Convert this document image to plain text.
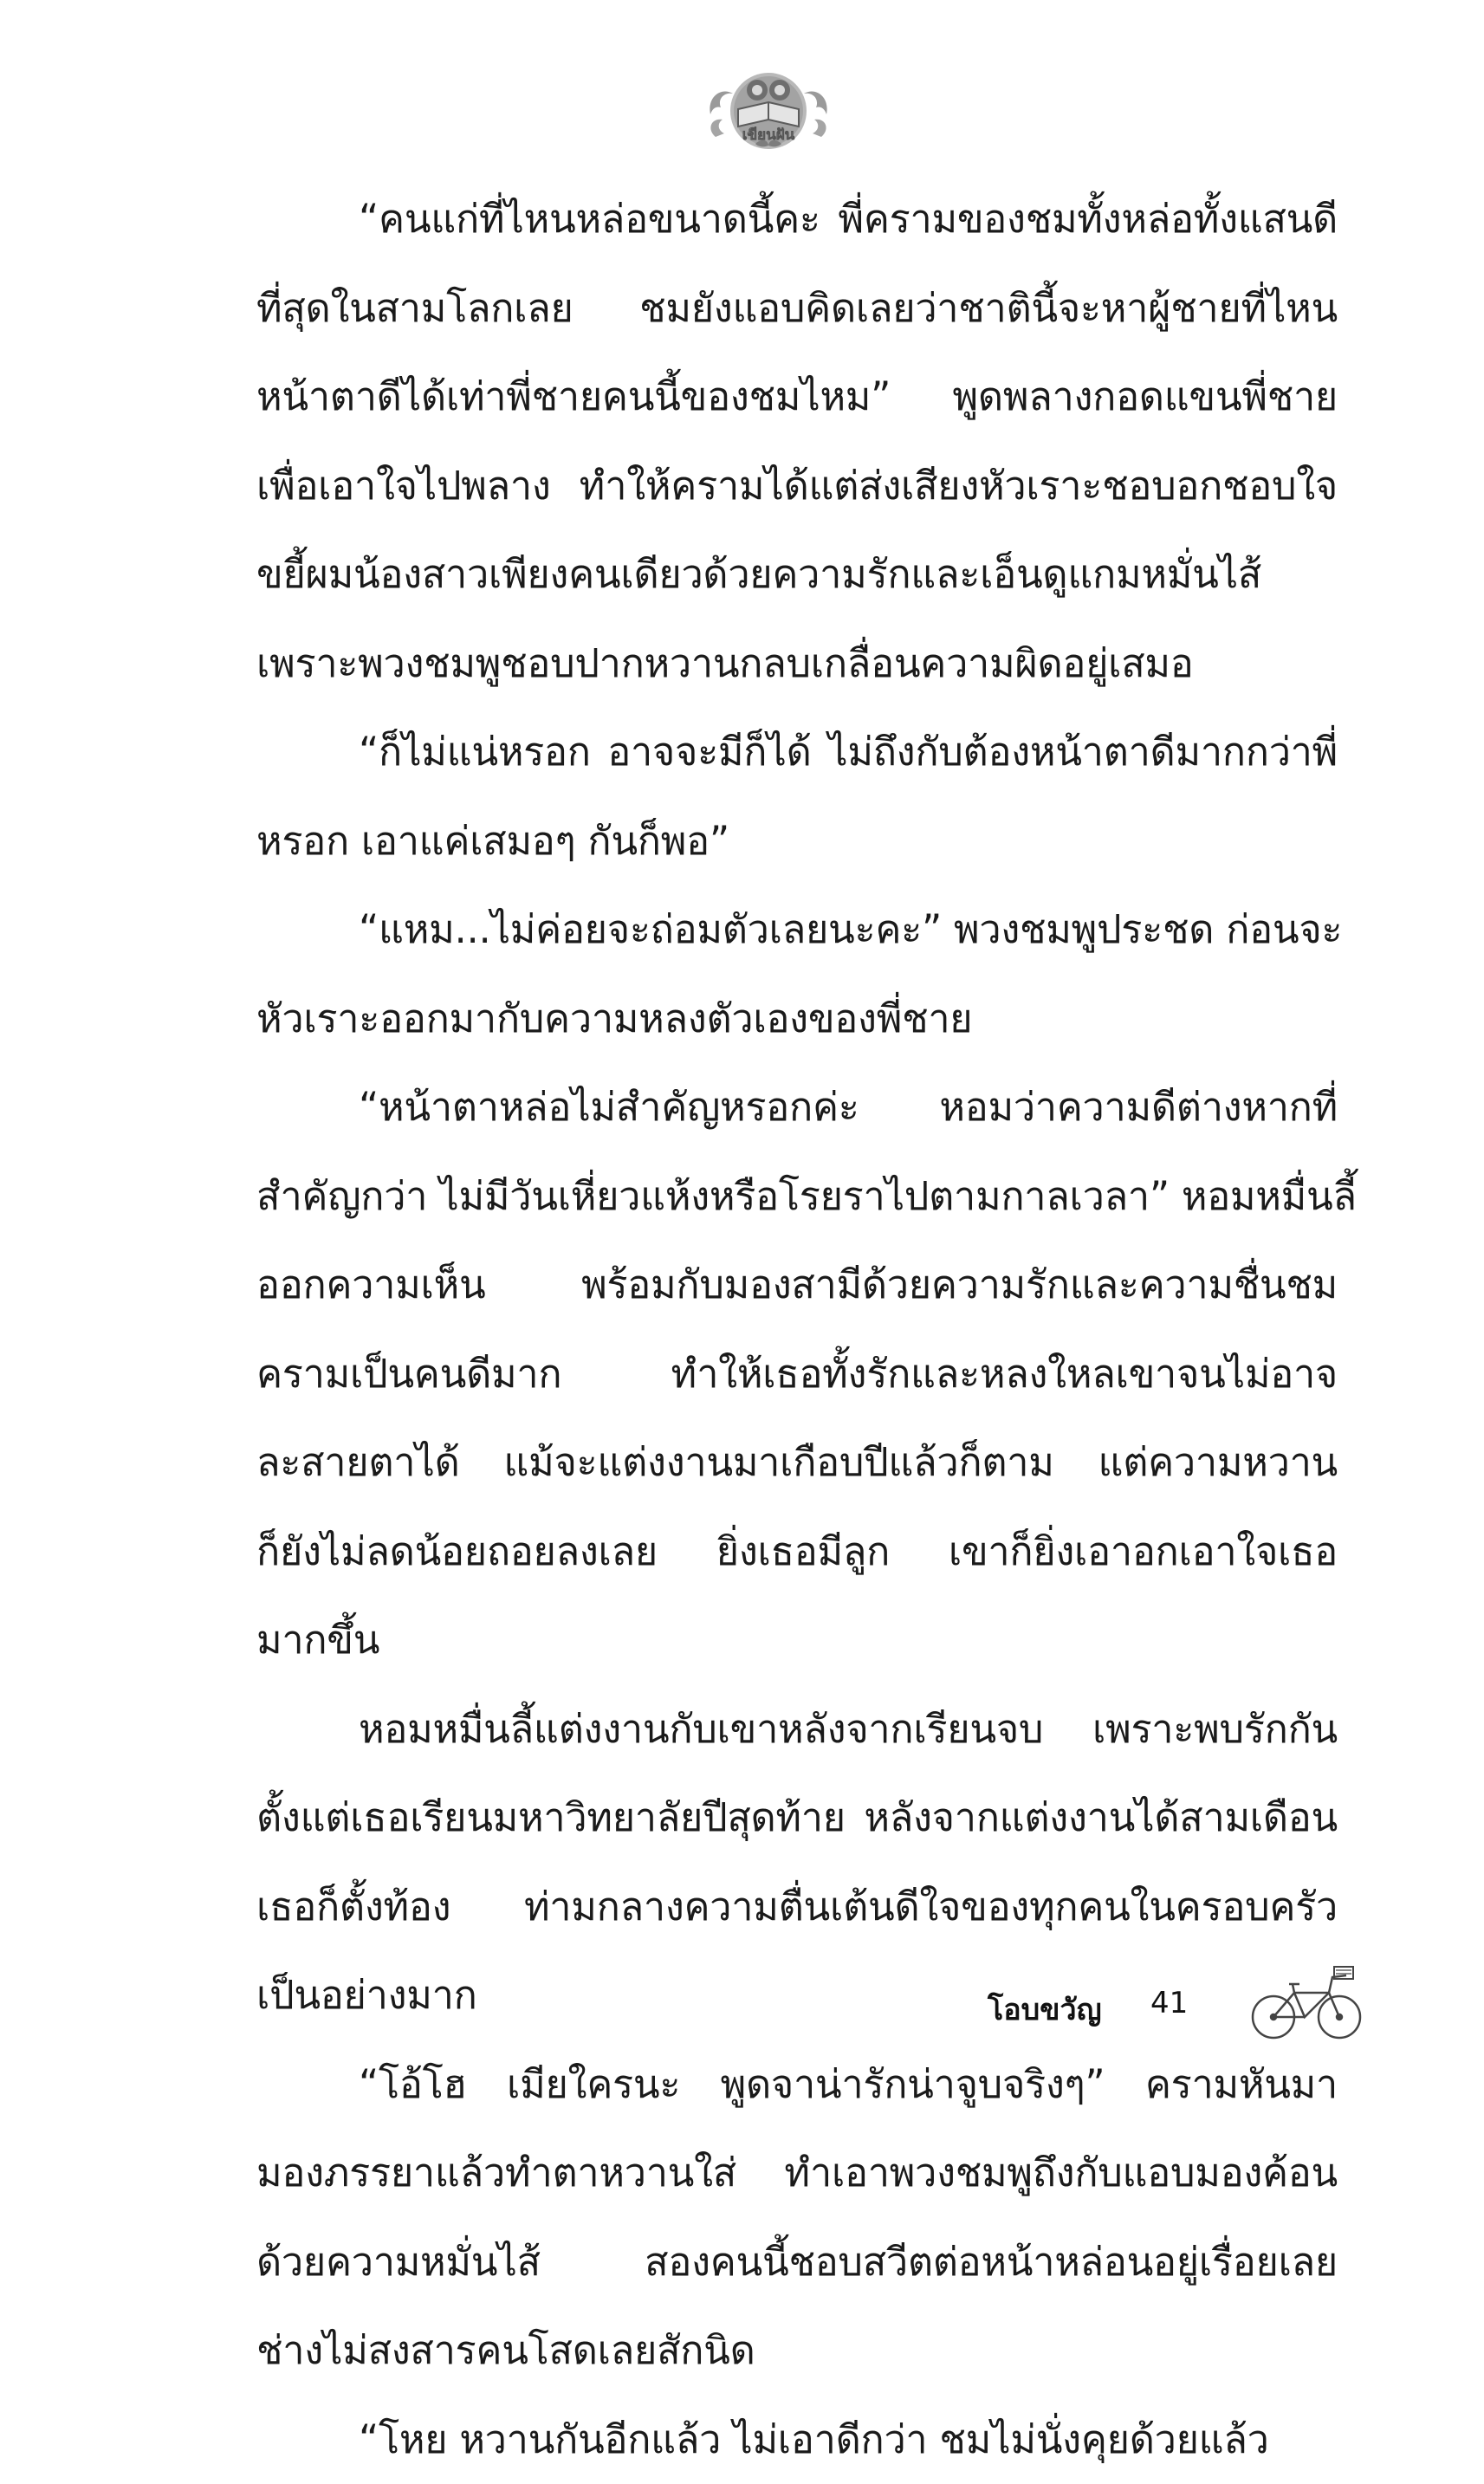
เขียนฝัน
“คนแก่ที่ไหนหล่อขนาดนี้คะ พี่ครามของชมทั้งหล่อทั้งแสนดี
ที่สุดในสามโลกเลย ชมยังแอบคิดเลยว่าชาตินี้จะหาผู้ชายที่ไหน
หน้าตาดีได้เท่าพี่ชายคนนี้ของชมไหม” พูดพลางกอดแขนพี่ชาย
เพื่อเอาใจไปพลาง ทำให้ครามได้แต่ส่งเสียงหัวเราะชอบอกชอบใจ
ขยี้ผมน้องสาวเพียงคนเดียวด้วยความรักและเอ็นดูแกมหมั่นไส้
เพราะพวงชมพูชอบปากหวานกลบเกลื่อนความผิดอยู่เสมอ
“ก็ไม่แน่หรอก อาจจะมีก็ได้ ไม่ถึงกับต้องหน้าตาดีมากกว่าพี่
หรอก เอาแค่เสมอๆ กันก็พอ”
“แหม...ไม่ค่อยจะถ่อมตัวเลยนะคะ” พวงชมพูประชด ก่อนจะ
หัวเราะออกมากับความหลงตัวเองของพี่ชาย
“หน้าตาหล่อไม่สำคัญหรอกค่ะ หอมว่าความดีต่างหากที่
สำคัญกว่า ไม่มีวันเหี่ยวแห้งหรือโรยราไปตามกาลเวลา” หอมหมื่นลี้
ออกความเห็น พร้อมกับมองสามีด้วยความรักและความชื่นชม
ครามเป็นคนดีมาก ทำให้เธอทั้งรักและหลงใหลเขาจนไม่อาจ
ละสายตาได้ แม้จะแต่งงานมาเกือบปีแล้วก็ตาม แต่ความหวาน
ก็ยังไม่ลดน้อยถอยลงเลย ยิ่งเธอมีลูก เขาก็ยิ่งเอาอกเอาใจเธอ
มากขึ้น
หอมหมื่นลี้แต่งงานกับเขาหลังจากเรียนจบ เพราะพบรักกัน
ตั้งแต่เธอเรียนมหาวิทยาลัยปีสุดท้าย หลังจากแต่งงานได้สามเดือน
เธอก็ตั้งท้อง ท่ามกลางความตื่นเต้นดีใจของทุกคนในครอบครัว
เป็นอย่างมาก
“โอ้โฮ เมียใครนะ พูดจาน่ารักน่าจูบจริงๆ” ครามหันมา
มองภรรยาแล้วทำตาหวานใส่ ทำเอาพวงชมพูถึงกับแอบมองค้อน
ด้วยความหมั่นไส้ สองคนนี้ชอบสวีตต่อหน้าหล่อนอยู่เรื่อยเลย
ช่างไม่สงสารคนโสดเลยสักนิด
“โหย หวานกันอีกแล้ว ไม่เอาดีกว่า ชมไม่นั่งคุยด้วยแล้ว
โอบขวัญ 41
